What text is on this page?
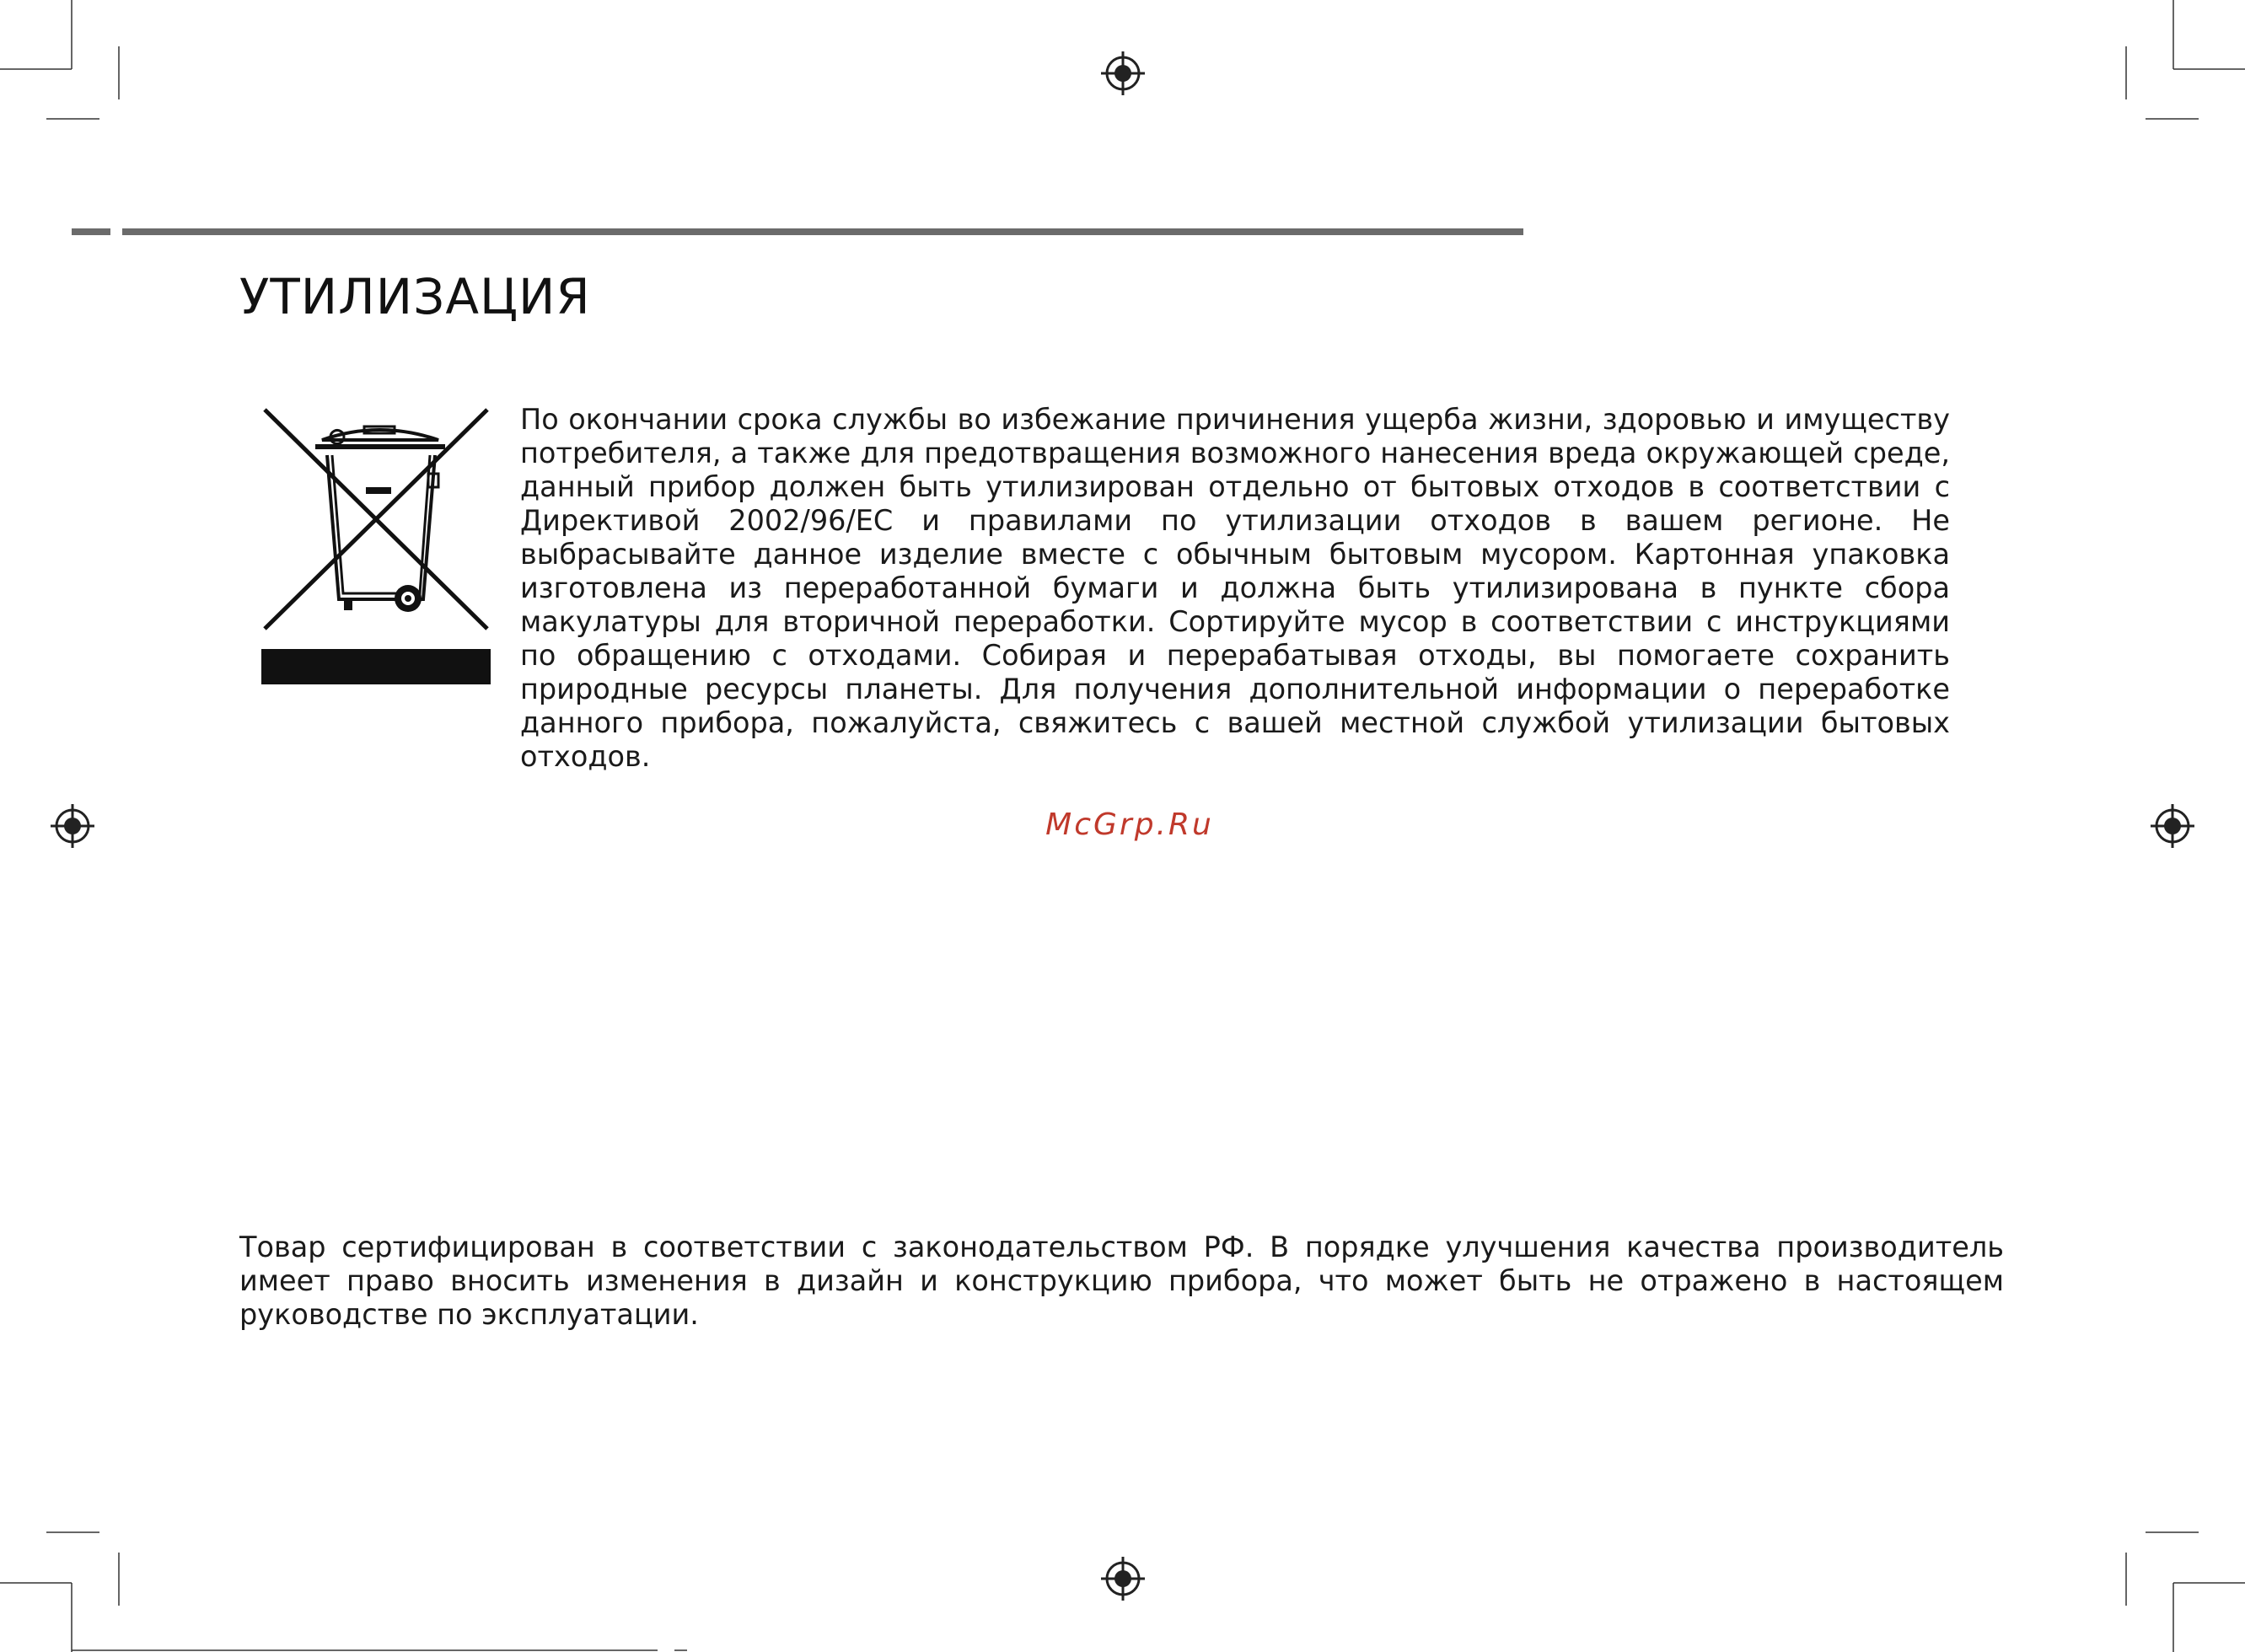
УТИЛИЗАЦИЯ

По окончании срока службы во избежание причинения ущерба жизни, здоровью и имуществу потребителя, а также для предотвращения возможного нанесения вреда окружающей среде, данный прибор должен быть утилизирован отдельно от бытовых отходов в соответствии с Директивой 2002/96/ЕС и правилами по утилизации отходов в вашем регионе. Не выбрасывайте данное изделие вместе с обычным бытовым мусором. Картонная упаковка изготовлена из переработанной бумаги и должна быть утилизирована в пункте сбора макулатуры для вторичной переработки. Сортируйте мусор в соответствии с инструкциями по обращению с отходами. Собирая и перерабатывая отходы, вы помогаете сохранить природные ресурсы планеты. Для получения дополнительной информации о переработке данного прибора, пожалуйста, свяжитесь с вашей местной службой утилизации бытовых отходов.

McGrp.Ru

Товар сертифицирован в соответствии с законодательством РФ. В порядке улучшения качества производитель имеет право вносить изменения в дизайн и конструкцию прибора, что может быть не отражено в настоящем руководстве по эксплуатации.
